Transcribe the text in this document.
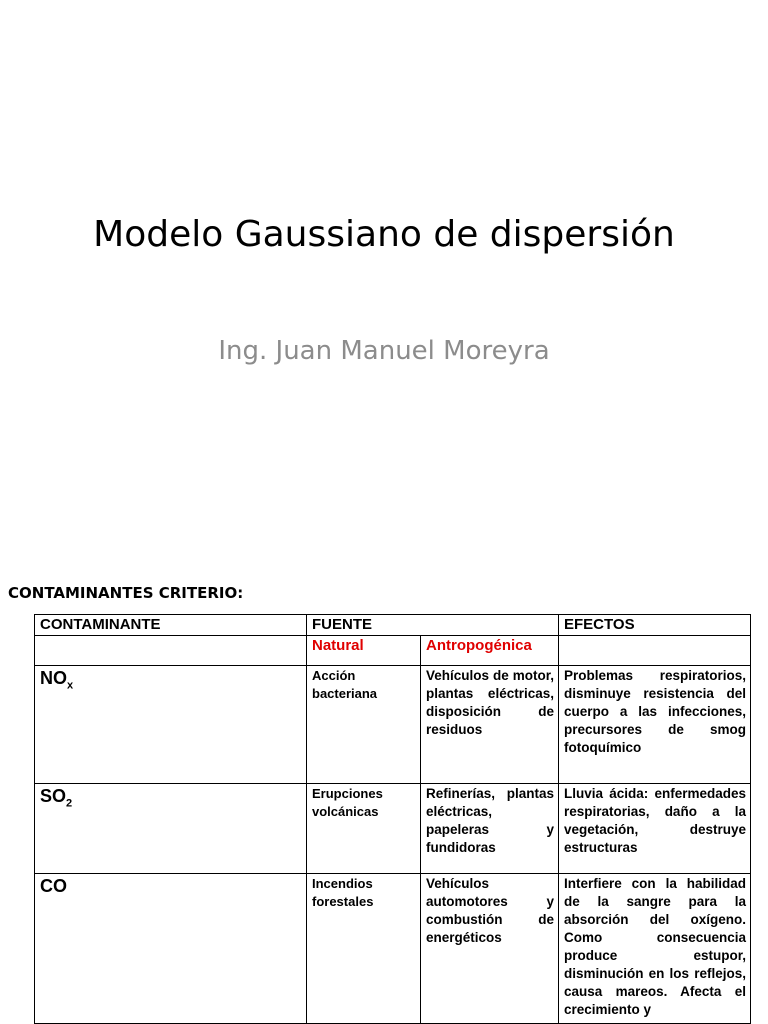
Modelo Gaussiano de dispersión
Ing. Juan Manuel Moreyra
CONTAMINANTES CRITERIO:
CONTAMINANTE	FUENTE		EFECTOS
	Natural	Antropogénica	
$NO_x$	Acción bacteriana	Vehículos de motor, plantas eléctricas, disposición de residuos	Problemas respiratorios, disminuye resistencia del cuerpo a las infecciones, precursores de smog fotoquímico
$SO_2$	Erupciones volcánicas	Refinerías, plantas eléctricas, papeleras y fundidoras	Lluvia ácida: enfermedades respiratorias, daño a la vegetación, destruye estructuras
CO	Incendios forestales	Vehículos automotores y combustión de energéticos	Interfiere con la habilidad de la sangre para la absorción del oxígeno. Como consecuencia produce estupor, disminución en los reflejos, causa mareos. Afecta el crecimiento y
